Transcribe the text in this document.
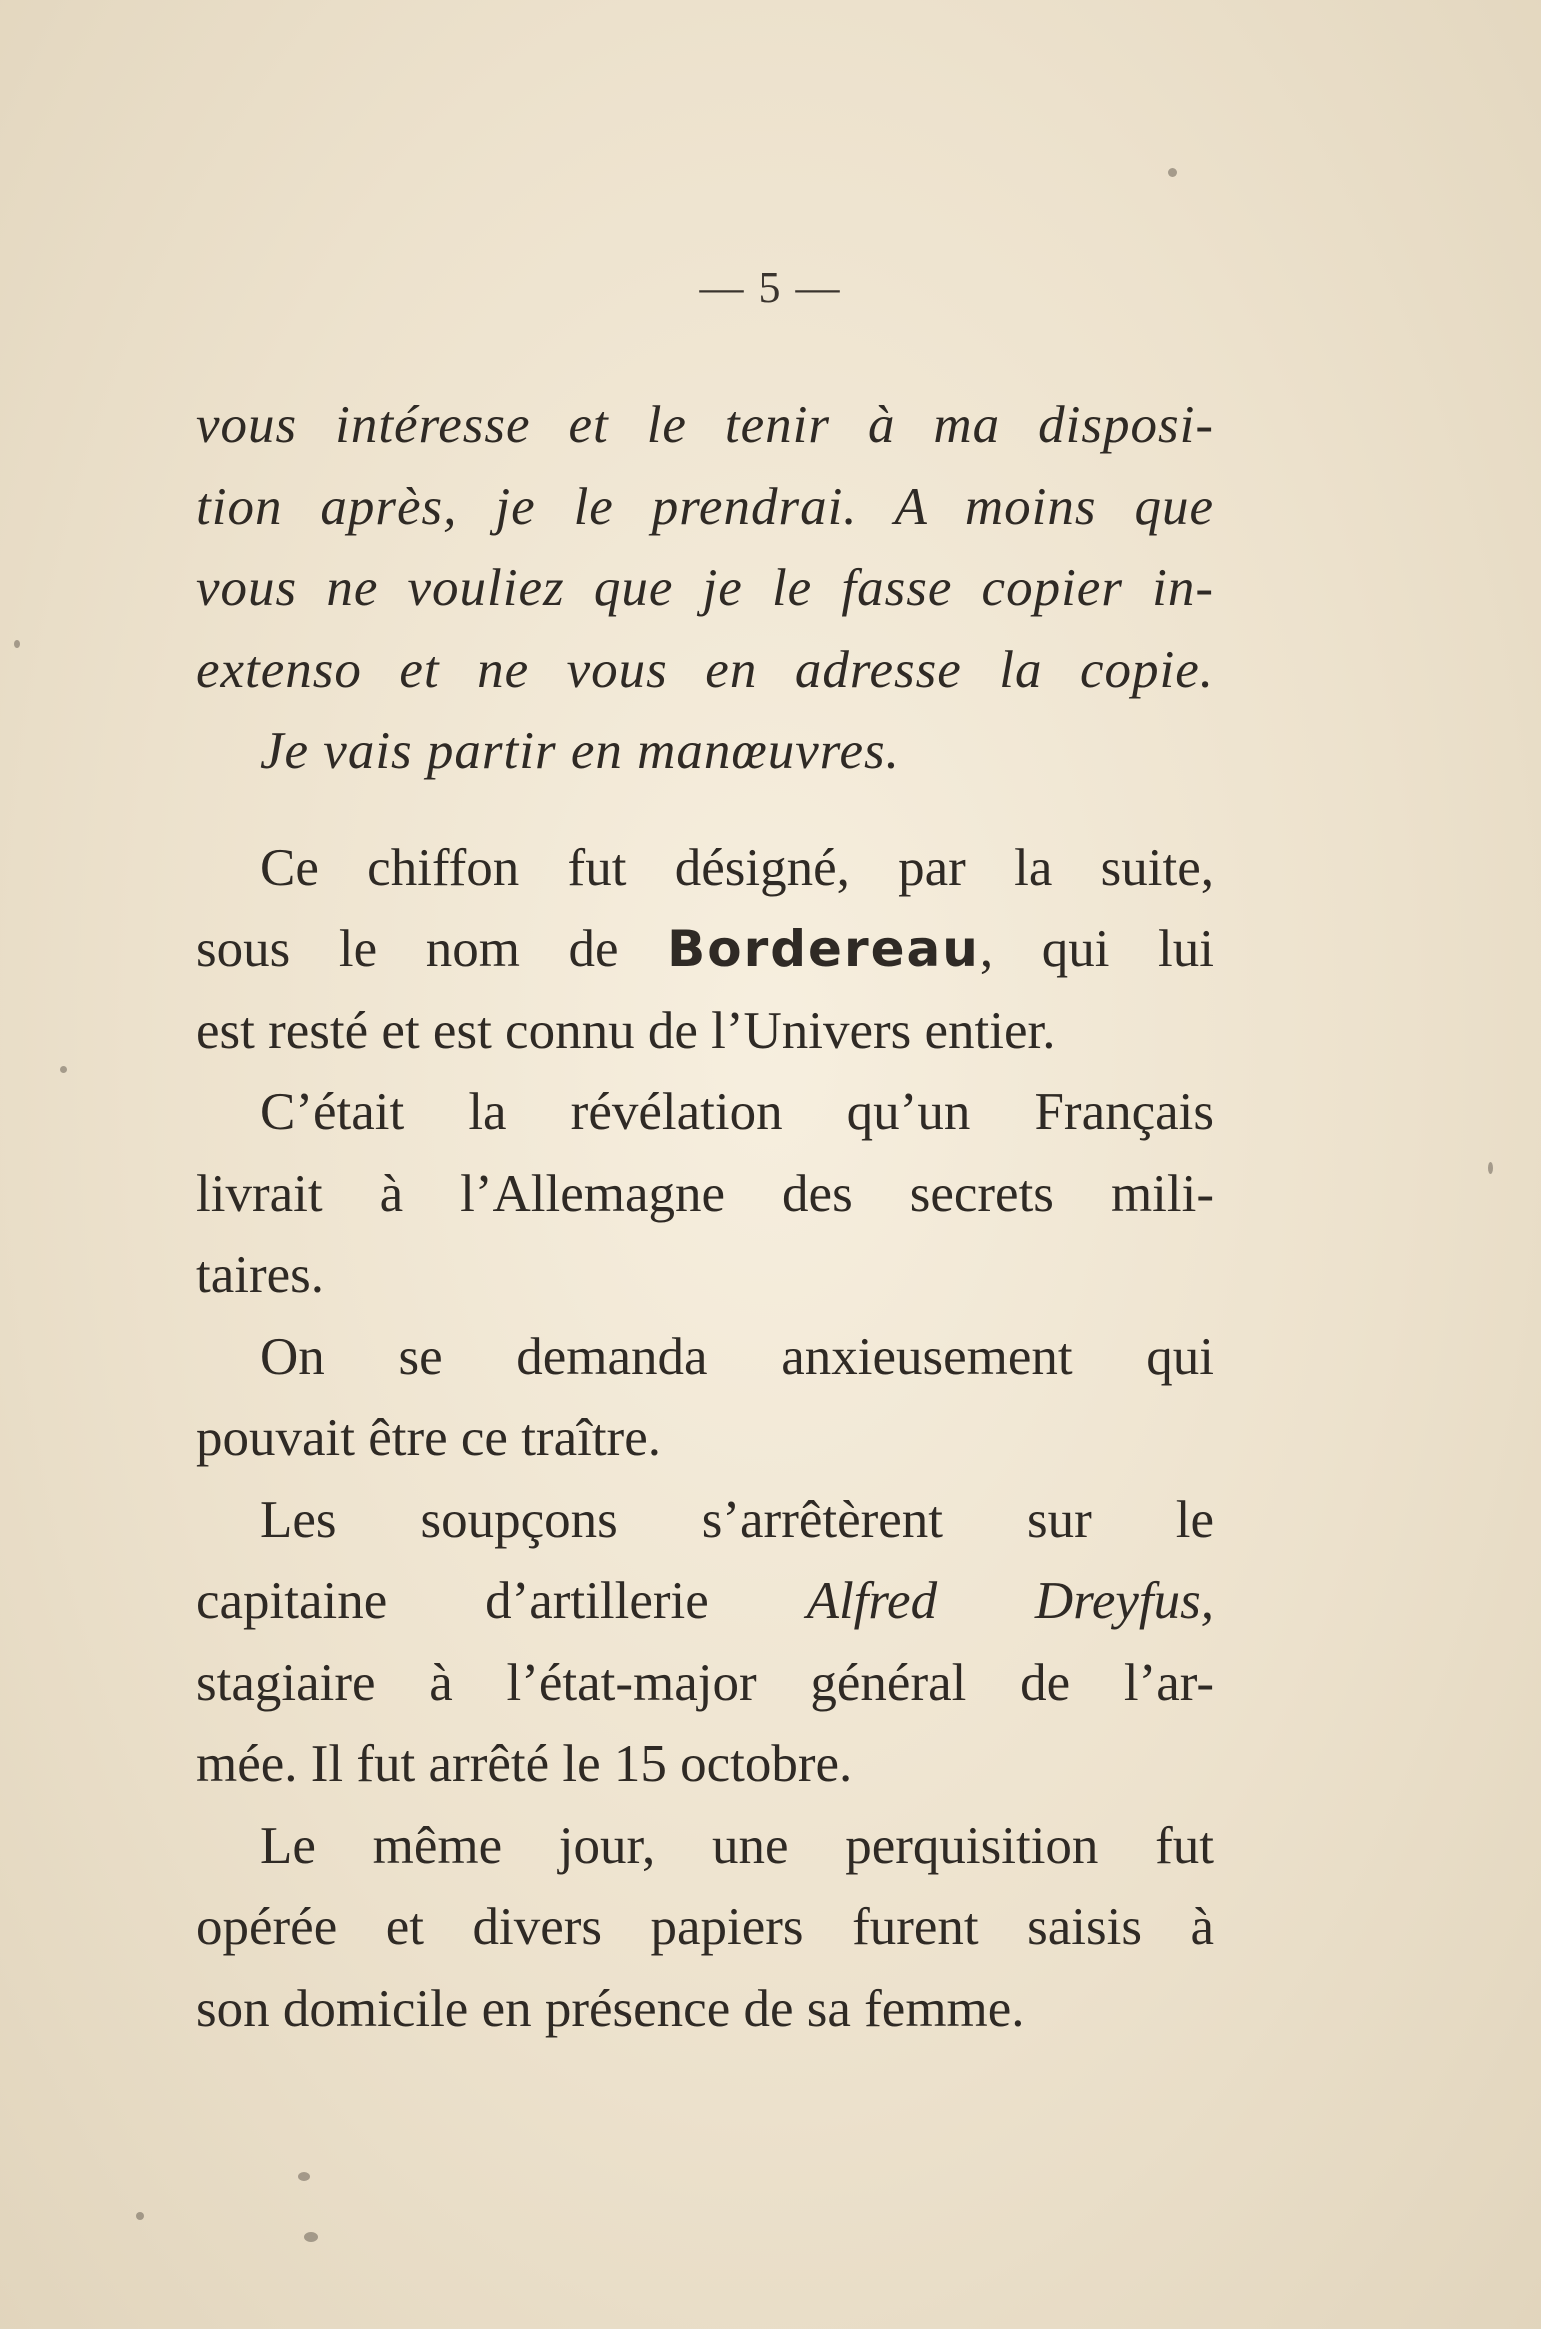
— 5 —
vous intéresse et le tenir à ma disposi-
tion après, je le prendrai. A moins que
vous ne vouliez que je le fasse copier in-
extenso et ne vous en adresse la copie.
Je vais partir en manœuvres.
Ce chiffon fut désigné, par la suite,
sous le nom de Bordereau, qui lui
est resté et est connu de l’Univers entier.
C’était la révélation qu’un Français
livrait à l’Allemagne des secrets mili-
taires.
On se demanda anxieusement qui
pouvait être ce traître.
Les soupçons s’arrêtèrent sur le
capitaine d’artillerie Alfred Dreyfus,
stagiaire à l’état-major général de l’ar-
mée. Il fut arrêté le 15 octobre.
Le même jour, une perquisition fut
opérée et divers papiers furent saisis à
son domicile en présence de sa femme.
